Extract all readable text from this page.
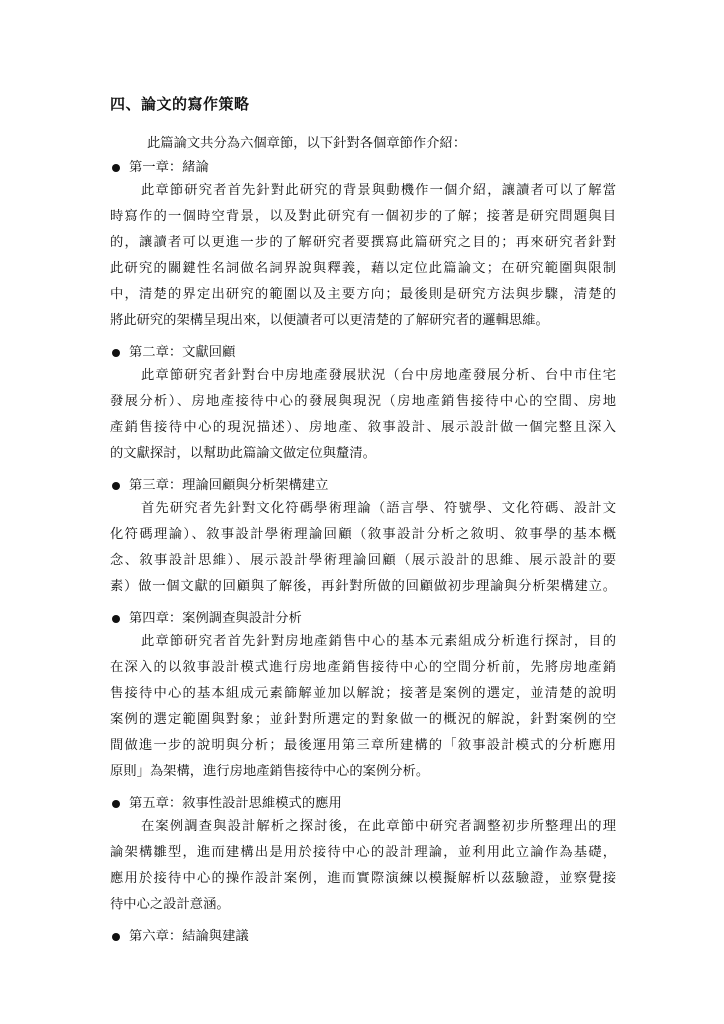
四、論文的寫作策略
此篇論文共分為六個章節，以下針對各個章節作介紹：
第一章：緒論
此章節研究者首先針對此研究的背景與動機作一個介紹，讓讀者可以了解當
時寫作的一個時空背景，以及對此研究有一個初步的了解；接著是研究問題與目
的，讓讀者可以更進一步的了解研究者要撰寫此篇研究之目的；再來研究者針對
此研究的關鍵性名詞做名詞界說與釋義，藉以定位此篇論文；在研究範圍與限制
中，清楚的界定出研究的範圍以及主要方向；最後則是研究方法與步驟，清楚的
將此研究的架構呈現出來，以便讀者可以更清楚的了解研究者的邏輯思維。
第二章：文獻回顧
此章節研究者針對台中房地產發展狀況（台中房地產發展分析、台中市住宅
發展分析）、房地產接待中心的發展與現況（房地產銷售接待中心的空間、房地
產銷售接待中心的現況描述）、房地產、敘事設計、展示設計做一個完整且深入
的文獻探討，以幫助此篇論文做定位與釐清。
第三章：理論回顧與分析架構建立
首先研究者先針對文化符碼學術理論（語言學、符號學、文化符碼、設計文
化符碼理論）、敘事設計學術理論回顧（敘事設計分析之敘明、敘事學的基本概
念、敘事設計思維）、展示設計學術理論回顧（展示設計的思維、展示設計的要
素）做一個文獻的回顧與了解後，再針對所做的回顧做初步理論與分析架構建立。
第四章：案例調查與設計分析
此章節研究者首先針對房地產銷售中心的基本元素組成分析進行探討，目的
在深入的以敘事設計模式進行房地產銷售接待中心的空間分析前，先將房地產銷
售接待中心的基本組成元素篩解並加以解說；接著是案例的選定，並清楚的說明
案例的選定範圍與對象；並針對所選定的對象做一的概況的解說，針對案例的空
間做進一步的說明與分析；最後運用第三章所建構的「敘事設計模式的分析應用
原則」為架構，進行房地產銷售接待中心的案例分析。
第五章：敘事性設計思維模式的應用
在案例調查與設計解析之探討後，在此章節中研究者調整初步所整理出的理
論架構雛型，進而建構出是用於接待中心的設計理論，並利用此立論作為基礎，
應用於接待中心的操作設計案例，進而實際演練以模擬解析以茲驗證，並察覺接
待中心之設計意涵。
第六章：結論與建議
